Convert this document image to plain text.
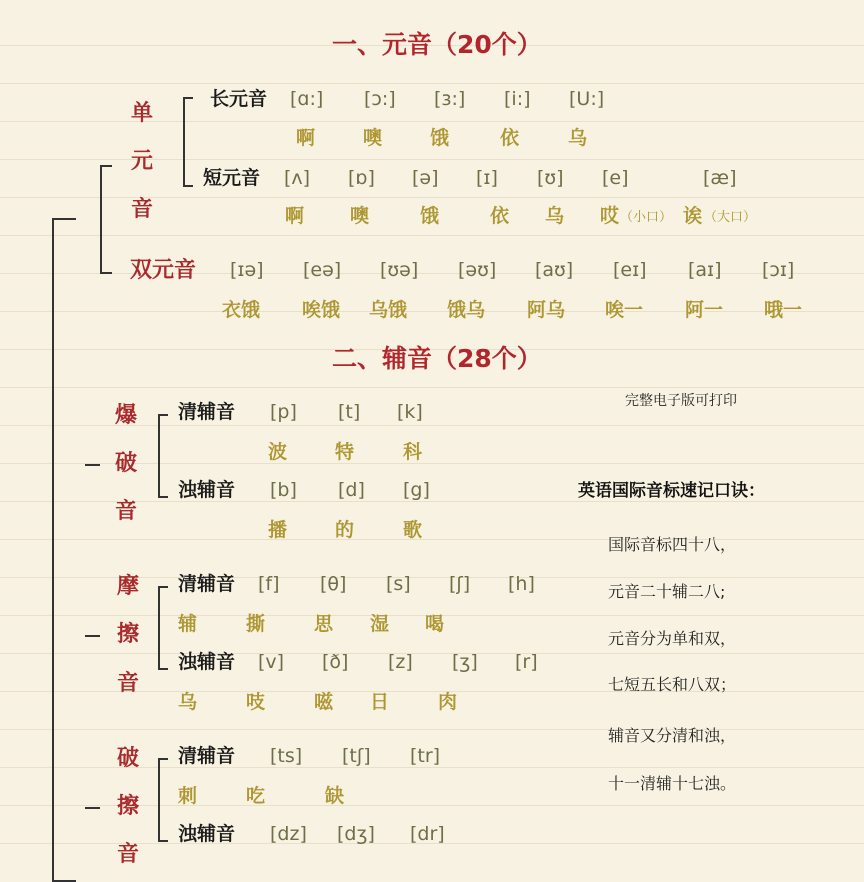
一、元音（20个）
单
元
音
长元音 [ɑ:] [ɔ:] [ɜ:] [i:] [U:]
啊	噢	饿	依	乌
短元音 [ʌ] [ɒ] [ə] [ɪ] [ʊ] [e]	[æ]
啊 噢	饿	依 乌 哎	诶
（小口） （大口）
双元音 [ɪə] [eə] [ʊə] [əʊ] [aʊ] [eɪ] [aɪ] [ɔɪ]
衣饿 唉饿 乌饿 饿乌 阿乌 唉一 阿一 哦一
二、辅音（28个）
完整电子版可打印
爆
破
音
清辅音 [p] [t] [k]
波	特	科
浊辅音 [b] [d] [g]
播	的	歌
摩
擦
音
清辅音 [f] [θ] [s] [ʃ] [h]
辅	撕	思 湿 喝
浊辅音 [v] [ð] [z] [ʒ] [r]
乌	吱	嗞 日	肉
破
擦
音
清辅音 [ts] [tʃ] [tr]
刺	吃	缺
浊辅音 [dz] [dʒ] [dr]
英语国际音标速记口诀：
国际音标四十八，
元音二十辅二八;
元音分为单和双，
七短五长和八双；
辅音又分清和浊，
十一清辅十七浊。
